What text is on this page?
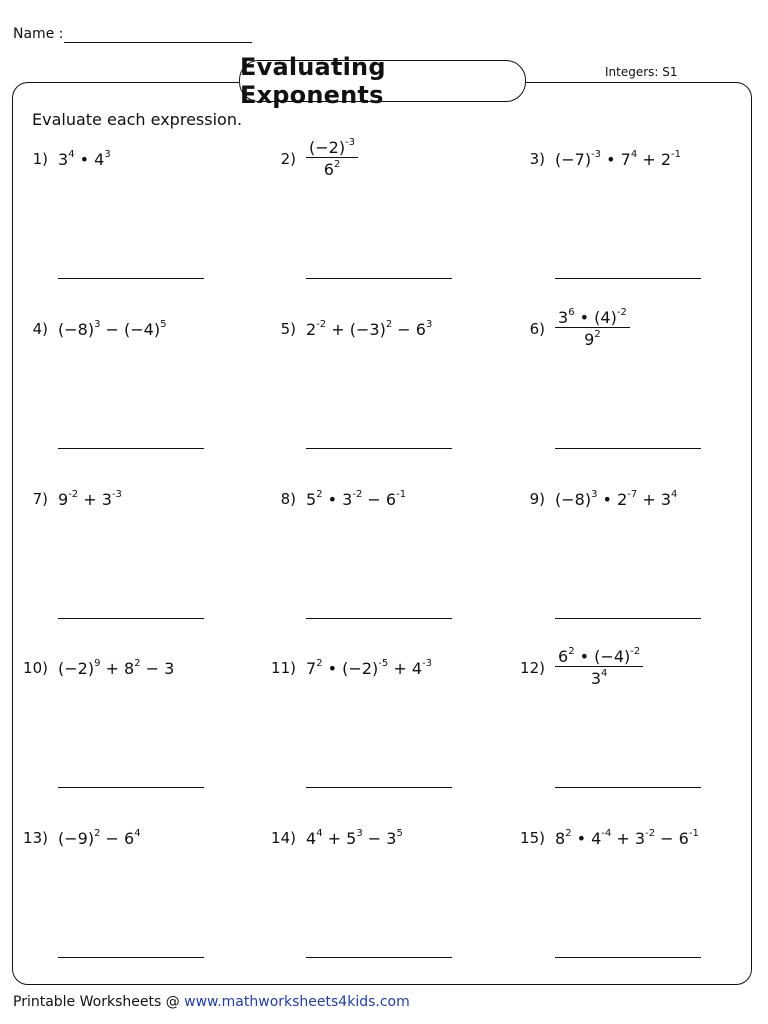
Name :
Evaluating Exponents
Integers: S1
Evaluate each expression.
1) $3^4$ • $4^3$	$2) \frac{(-2)^{-3}}{6^2}$	3) $(-7)^{-3}$ • $7^4 + 2^{-1}$
4) $(-8)^3 - (-4)^5$	5) $2^{-2} + (-3)^2 - 6^3$	$6) \frac{3^6 • (4)^{-2}}{9^2}$
7) $9^{-2} + 3^{-3}$	8) $5^2$ • $3^{-2} - 6^{-1}$	9) $(-8)^3$ • $2^{-7} + 3^4$
10) $(-2)^9 + 8^2 - 3$	11) $7^2$ • $(-2)^{-5} + 4^{-3}$	$12) \frac{6^2 • (-4)^{-2}}{3^4}$
13) $(-9)^2 - 6^4$	14) $4^4 + 5^3 - 3^5$	15) $8^2$ • $4^{-4} + 3^{-2} - 6^{-1}$
Printable Worksheets @ www.mathworksheets4kids.com
